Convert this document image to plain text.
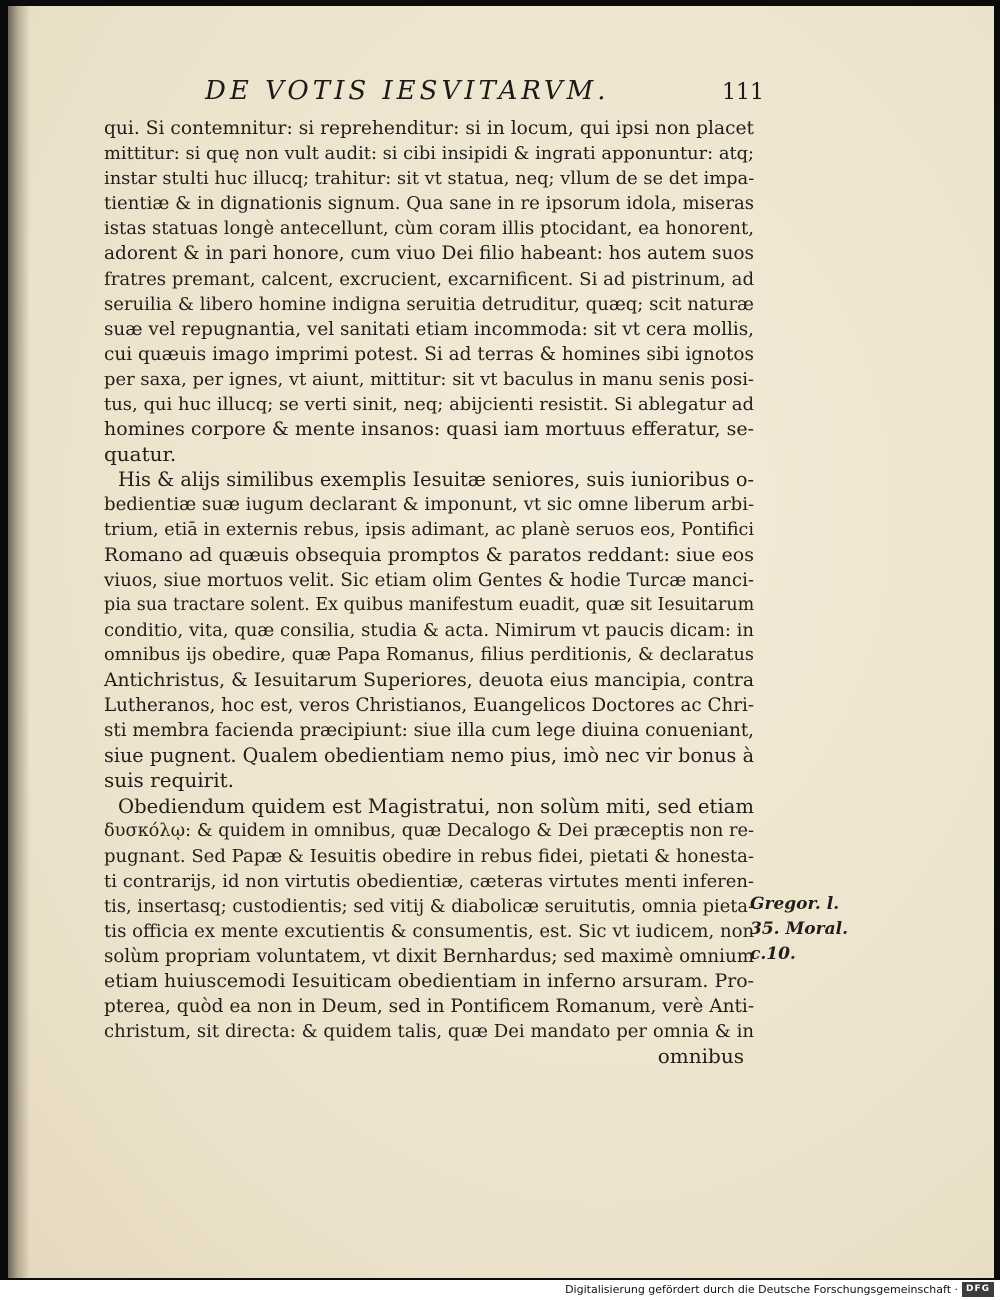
DE VOTIS IESVITARVM.	111
qui. Si contemnitur: si reprehenditur: si in locum, qui ipsi non placet
mittitur: si quę non vult audit: si cibi insipidi & ingrati apponuntur: atq;
instar stulti huc illucq; trahitur: sit vt statua, neq; vllum de se det impa-
tientiæ & in dignationis signum. Qua sane in re ipsorum idola, miseras
istas statuas longè antecellunt, cùm coram illis ptocidant, ea honorent,
adorent & in pari honore, cum viuo Dei filio habeant: hos autem suos
fratres premant, calcent, excrucient, excarnificent. Si ad pistrinum, ad
seruilia & libero homine indigna seruitia detruditur, quæq; scit naturæ
suæ vel repugnantia, vel sanitati etiam incommoda: sit vt cera mollis,
cui quæuis imago imprimi potest. Si ad terras & homines sibi ignotos
per saxa, per ignes, vt aiunt, mittitur: sit vt baculus in manu senis posi-
tus, qui huc illucq; se verti sinit, neq; abijcienti resistit. Si ablegatur ad
homines corpore & mente insanos: quasi iam mortuus efferatur, se-
quatur.
His & alijs similibus exemplis Iesuitæ seniores, suis iunioribus o-
bedientiæ suæ iugum declarant & imponunt, vt sic omne liberum arbi-
trium, etiā in externis rebus, ipsis adimant, ac planè seruos eos, Pontifici
Romano ad quæuis obsequia promptos & paratos reddant: siue eos
viuos, siue mortuos velit. Sic etiam olim Gentes & hodie Turcæ manci-
pia sua tractare solent. Ex quibus manifestum euadit, quæ sit Iesuitarum
conditio, vita, quæ consilia, studia & acta. Nimirum vt paucis dicam: in
omnibus ijs obedire, quæ Papa Romanus, filius perditionis, & declaratus
Antichristus, & Iesuitarum Superiores, deuota eius mancipia, contra
Lutheranos, hoc est, veros Christianos, Euangelicos Doctores ac Chri-
sti membra facienda præcipiunt: siue illa cum lege diuina conueniant,
siue pugnent. Qualem obedientiam nemo pius, imò nec vir bonus à
suis requirit.
Obediendum quidem est Magistratui, non solùm miti, sed etiam
δυσκόλῳ: & quidem in omnibus, quæ Decalogo & Dei præceptis non re-
pugnant. Sed Papæ & Iesuitis obedire in rebus fidei, pietati & honesta-
ti contrarijs, id non virtutis obedientiæ, cæteras virtutes menti inferen-
tis, insertasq; custodientis; sed vitij & diabolicæ seruitutis, omnia pieta-
tis officia ex mente excutientis & consumentis, est. Sic vt iudicem, non
solùm propriam voluntatem, vt dixit Bernhardus; sed maximè omnium
etiam huiuscemodi Iesuiticam obedientiam in inferno arsuram. Pro-
pterea, quòd ea non in Deum, sed in Pontificem Romanum, verè Anti-
christum, sit directa: & quidem talis, quæ Dei mandato per omnia & in
omnibus
Gregor. l.
35. Moral.
c.10.
Digitalisierung gefördert durch die Deutsche Forschungsgemeinschaft · DFG
